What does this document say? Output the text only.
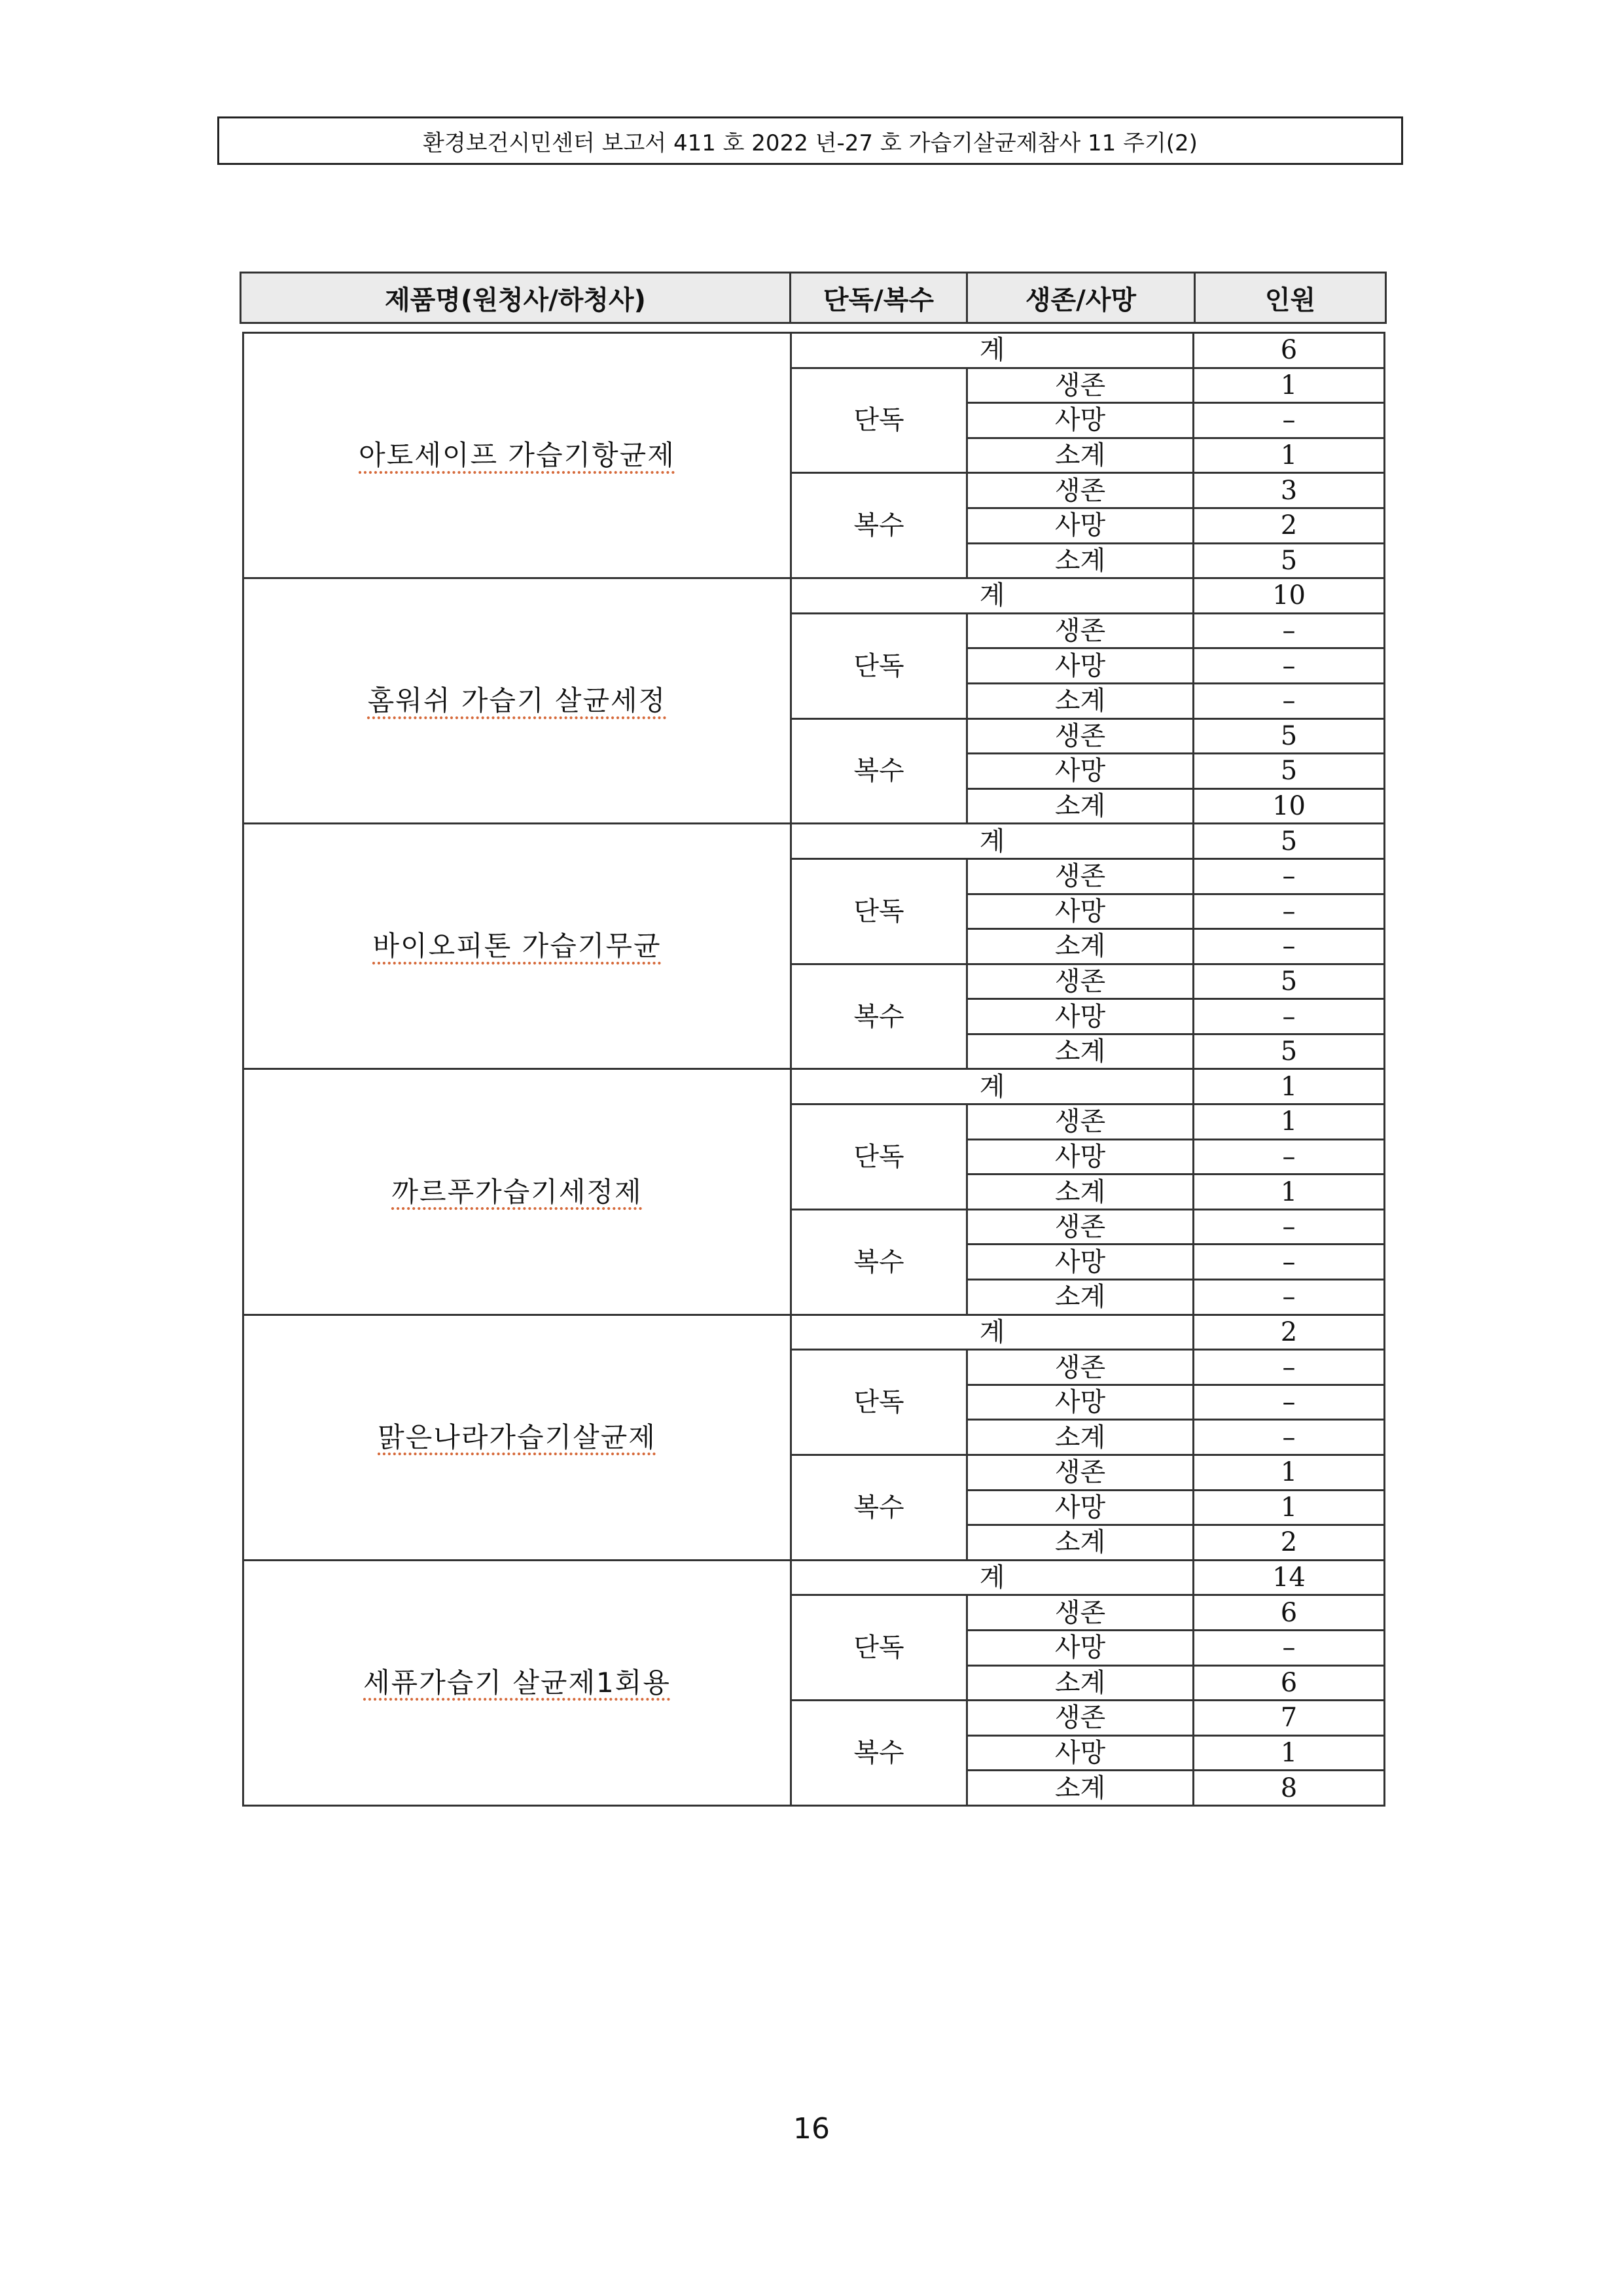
환경보건시민센터 보고서 411 호 2022 년-27 호 가습기살균제참사 11 주기(2)
제품명(원청사/하청사)	단독/복수	생존/사망	인원
아토세이프 가습기항균제	계		6
	단독	생존	1
		사망	–
		소계	1
	복수	생존	3
		사망	2
		소계	5
홈워쉬 가습기 살균세정	계		10
	단독	생존	–
		사망	–
		소계	–
	복수	생존	5
		사망	5
		소계	10
바이오피톤 가습기무균	계		5
	단독	생존	–
		사망	–
		소계	–
	복수	생존	5
		사망	–
		소계	5
까르푸가습기세정제	계		1
	단독	생존	1
		사망	–
		소계	1
	복수	생존	–
		사망	–
		소계	–
맑은나라가습기살균제	계		2
	단독	생존	–
		사망	–
		소계	–
	복수	생존	1
		사망	1
		소계	2
세퓨가습기 살균제1회용	계		14
	단독	생존	6
		사망	–
		소계	6
	복수	생존	7
		사망	1
		소계	8
16
